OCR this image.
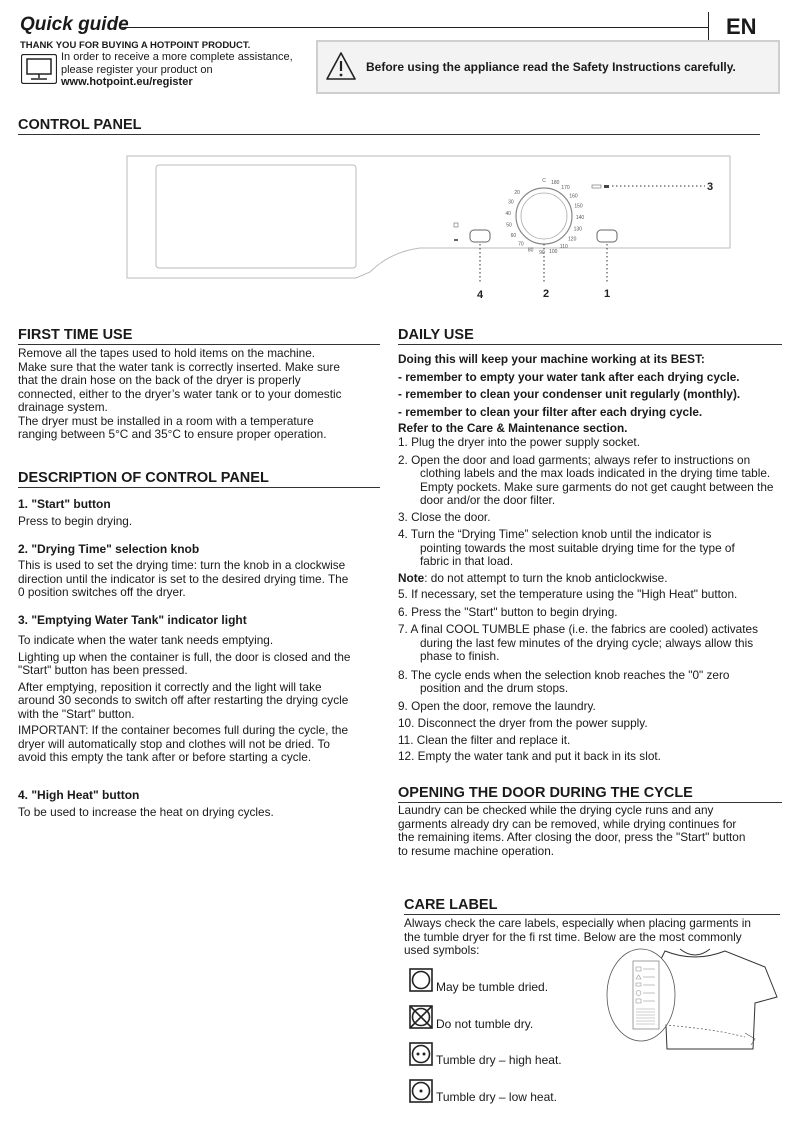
Quick guide	EN
THANK YOU FOR BUYING A HOTPOINT PRODUCT.
In order to receive a more complete assistance,
please register your product on
www.hotpoint.eu/register
Before using the appliance read the Safety Instructions carefully.
CONTROL PANEL
C 180
170
160
150
140
130
120
110
100
90
80
70
60
50
40
30
20
3
4	2	1
FIRST TIME USE
Remove all the tapes used to hold items on the machine.
Make sure that the water tank is correctly inserted. Make sure
that the drain hose on the back of the dryer is properly
connected, either to the dryer’s water tank or to your domestic
drainage system.
The dryer must be installed in a room with a temperature
ranging between 5°C and 35°C to ensure proper operation.
DESCRIPTION OF CONTROL PANEL
1. "Start" button
Press to begin drying.
2. "Drying Time" selection knob
This is used to set the drying time: turn the knob in a clockwise
direction until the indicator is set to the desired drying time. The
0 position switches off the dryer.
3. "Emptying Water Tank" indicator light
To indicate when the water tank needs emptying.
Lighting up when the container is full, the door is closed and the
"Start" button has been pressed.
After emptying, reposition it correctly and the light will take
around 30 seconds to switch off after restarting the drying cycle
with the "Start" button.
IMPORTANT: If the container becomes full during the cycle, the
dryer will automatically stop and clothes will not be dried. To
avoid this empty the tank after or before starting a cycle.
4. "High Heat" button
To be used to increase the heat on drying cycles.
DAILY USE
Doing this will keep your machine working at its BEST:
- remember to empty your water tank after each drying cycle.
- remember to clean your condenser unit regularly (monthly).
- remember to clean your filter after each drying cycle.
Refer to the Care & Maintenance section.
1. Plug the dryer into the power supply socket.
2. Open the door and load garments; always refer to instructions on
clothing labels and the max loads indicated in the drying time table.
Empty pockets. Make sure garments do not get caught between the
door and/or the door filter.
3. Close the door.
4. Turn the “Drying Time” selection knob until the indicator is
pointing towards the most suitable drying time for the type of
fabric in that load.
Note: do not attempt to turn the knob anticlockwise.
5. If necessary, set the temperature using the "High Heat" button.
6. Press the "Start" button to begin drying.
7. A final COOL TUMBLE phase (i.e. the fabrics are cooled) activates
during the last few minutes of the drying cycle; always allow this
phase to finish.
8. The cycle ends when the selection knob reaches the "0" zero
position and the drum stops.
9. Open the door, remove the laundry.
10. Disconnect the dryer from the power supply.
11. Clean the filter and replace it.
12. Empty the water tank and put it back in its slot.
OPENING THE DOOR DURING THE CYCLE
Laundry can be checked while the drying cycle runs and any
garments already dry can be removed, while drying continues for
the remaining items. After closing the door, press the "Start" button
to resume machine operation.
CARE LABEL
Always check the care labels, especially when placing garments in
the tumble dryer for the fi rst time. Below are the most commonly
used symbols:
May be tumble dried.
Do not tumble dry.
Tumble dry – high heat.
Tumble dry – low heat.
